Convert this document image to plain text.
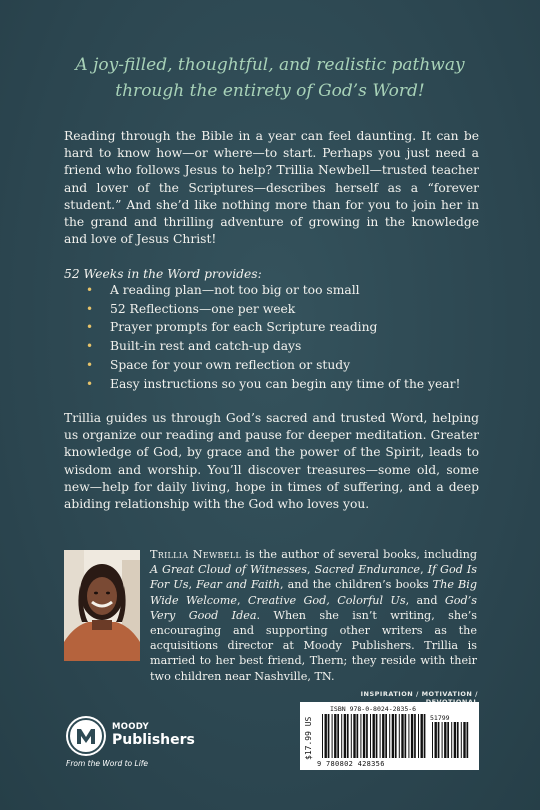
A joy-filled, thoughtful, and realistic pathway
through the entirety of God’s Word!
Reading through the Bible in a year can feel daunting. It can be hard to know how—or where—to start. Perhaps you just need a friend who follows Jesus to help? Trillia Newbell—trusted teacher and lover of the Scriptures—describes herself as a “forever student.” And she’d like nothing more than for you to join her in the grand and thrilling adventure of growing in the knowledge and love of Jesus Christ!
52 Weeks in the Word provides:
• A reading plan—not too big or too small
• 52 Reflections—one per week
• Prayer prompts for each Scripture reading
• Built-in rest and catch-up days
• Space for your own reflection or study
• Easy instructions so you can begin any time of the year!
Trillia guides us through God’s sacred and trusted Word, helping us organize our reading and pause for deeper meditation. Greater knowledge of God, by grace and the power of the Spirit, leads to wisdom and worship. You’ll discover treasures—some old, some new—help for daily living, hope in times of suffering, and a deep abiding relationship with the God who loves you.
Trillia Newbell is the author of several books, including A Great Cloud of Witnesses, Sacred Endurance, If God Is For Us, Fear and Faith, and the children’s books The Big Wide Welcome, Creative God, Colorful Us, and God’s Very Good Idea. When she isn’t writing, she’s encouraging and supporting other writers as the acquisitions director at Moody Publishers. Trillia is married to her best friend, Thern; they reside with their two children near Nashville, TN.
MOODY
Publishers
From the Word to Life
INSPIRATION / MOTIVATION /
$17.99 US
ISBN 978-0-8024-2835-6
51799
9 780802 428356
